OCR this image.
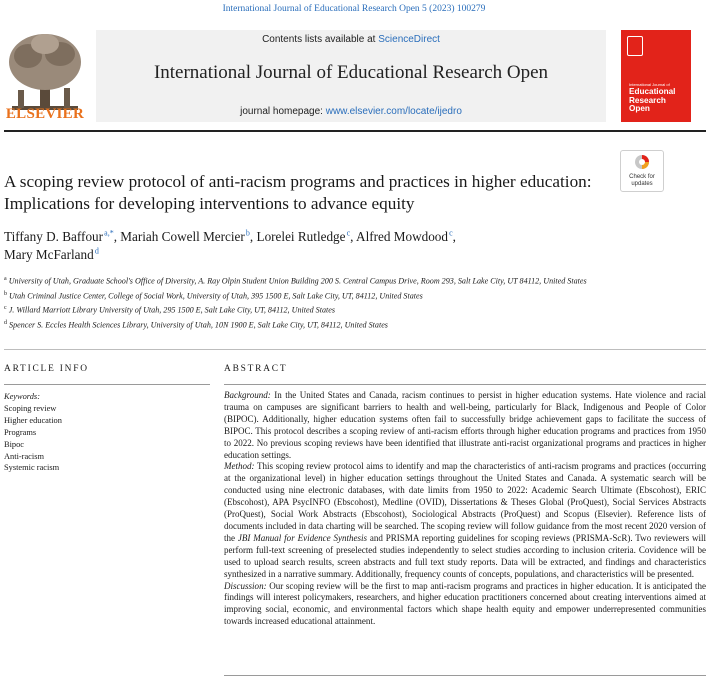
International Journal of Educational Research Open 5 (2023) 100279
ELSEVIER
Contents lists available at ScienceDirect
International Journal of Educational Research Open
journal homepage: www.elsevier.com/locate/ijedro
International Journal of
Educational
Research
Open
Check for
updates
A scoping review protocol of anti-racism programs and practices in higher education: Implications for developing interventions to advance equity
Tiffany D. Baffour $^{a,*}$, Mariah Cowell Mercier $^b$, Lorelei Rutledge $^c$, Alfred Mowdood $^c$,
Mary McFarland $^d$
$^a$ University of Utah, Graduate School's Office of Diversity, A. Ray Olpin Student Union Building 200 S. Central Campus Drive, Room 293, Salt Lake City, UT 84112, United States
$^b$ Utah Criminal Justice Center, College of Social Work, University of Utah, 395 1500 E, Salt Lake City, UT, 84112, United States
$^c$ J. Willard Marriott Library University of Utah, 295 1500 E, Salt Lake City, UT, 84112, United States
$^d$ Spencer S. Eccles Health Sciences Library, University of Utah, 10N 1900 E, Salt Lake City, UT, 84112, United States
ARTICLE INFO	ABSTRACT
Keywords:
Scoping review
Higher education
Programs
Bipoc
Anti-racism
Systemic racism

Background: In the United States and Canada, racism continues to persist in higher education systems. Hate violence and racial trauma on campuses are significant barriers to health and well-being, particularly for Black, Indigenous and People of Color (BIPOC). Additionally, higher education systems often fail to successfully bridge achievement gaps to facilitate the success of BIPOC. This protocol describes a scoping review of anti-racism efforts through higher education programs and practices from 1950 to 2022. No previous scoping reviews have been identified that illustrate anti-racist organizational programs and practices in higher education settings.

Method: This scoping review protocol aims to identify and map the characteristics of anti-racism programs and practices (occurring at the organizational level) in higher education settings throughout the United States and Canada. A systematic search will be conducted using nine electronic databases, with date limits from 1950 to 2022: Academic Search Ultimate (Ebscohost), ERIC (Ebscohost), APA PsycINFO (Ebscohost), Medline (OVID), Dissertations & Theses Global (ProQuest), Social Services Abstracts (ProQuest), Social Work Abstracts (Ebscohost), Sociological Abstracts (ProQuest) and Scopus (Elsevier). Reference lists of documents included in data charting will be searched. The scoping review will follow guidance from the most recent 2020 version of the JBI Manual for Evidence Synthesis and PRISMA reporting guidelines for scoping reviews (PRISMA-ScR). Two reviewers will perform full-text screening of preselected studies independently to select studies according to inclusion criteria. Covidence will be used to upload search results, screen abstracts and full text study reports. Data will be extracted, and findings and characteristics synthesized in a narrative summary. Additionally, frequency counts of concepts, populations, and characteristics will be presented.

Discussion: Our scoping review will be the first to map anti-racism programs and practices in higher education. It is anticipated the findings will interest policymakers, researchers, and higher education practitioners concerned about creating interventions aimed at improving social, economic, and environmental factors which shape health equity and empower underrepresented communities towards increased educational attainment.
